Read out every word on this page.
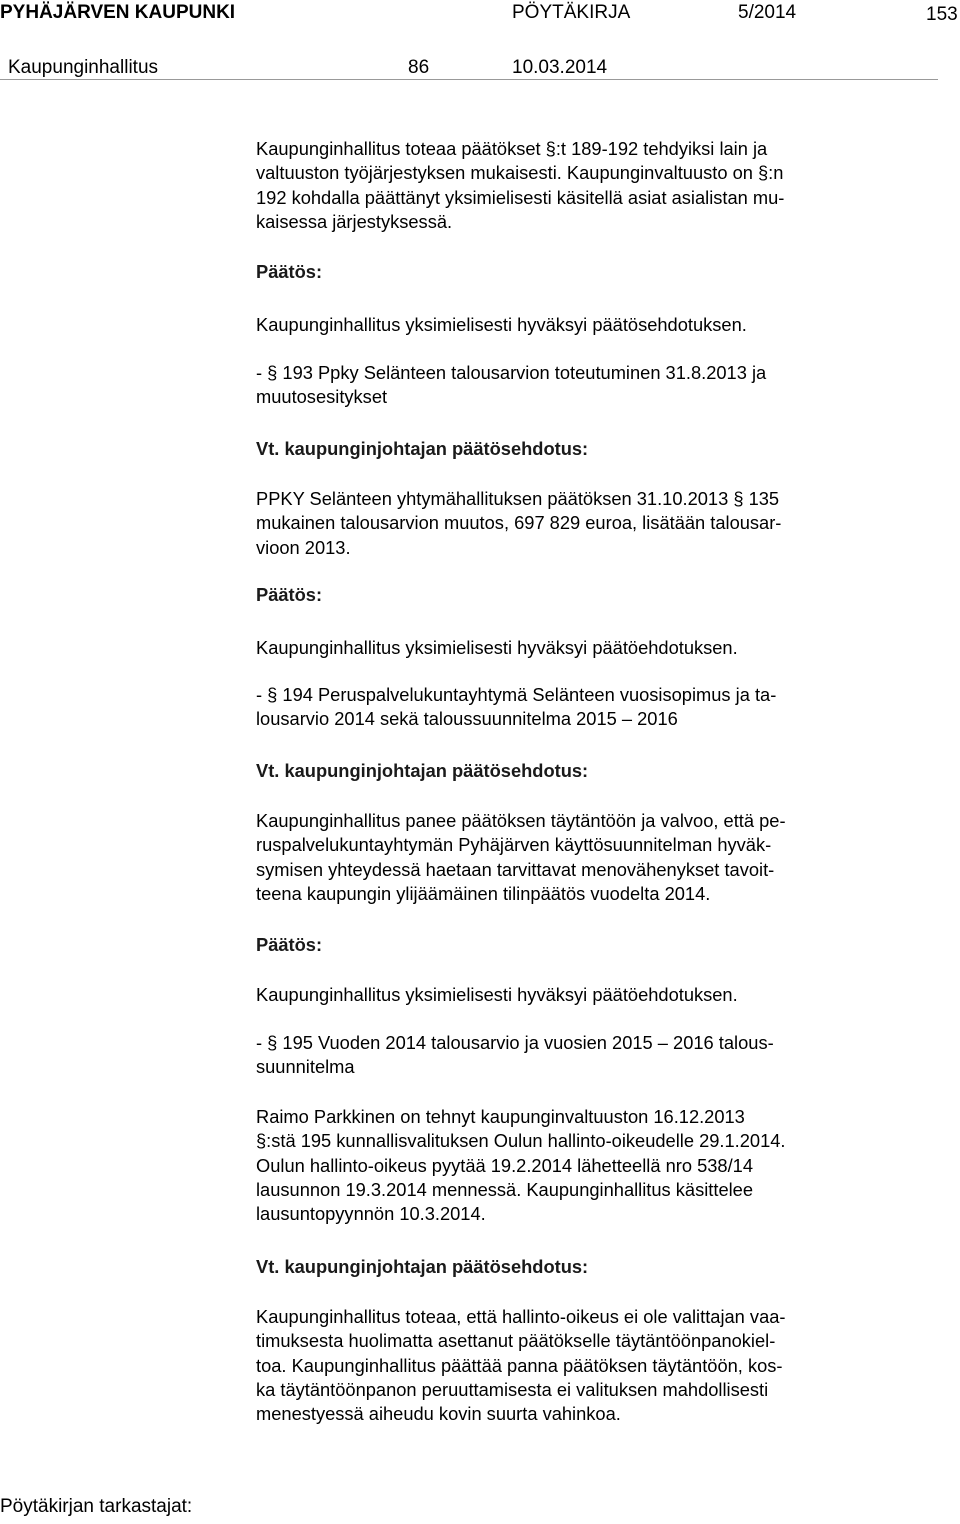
PYHÄJÄRVEN KAUPUNKI	PÖYTÄKIRJA	5/2014	153
Kaupunginhallitus	86	10.03.2014
Kaupunginhallitus toteaa päätökset §:t 189-192 tehdyiksi lain ja
valtuuston työjärjestyksen mukaisesti. Kaupunginvaltuusto on §:n
192 kohdalla päättänyt yksimielisesti käsitellä asiat asialistan mu-
kaisessa järjestyksessä.
Päätös:
Kaupunginhallitus yksimielisesti hyväksyi päätösehdotuksen.
- § 193 Ppky Selänteen talousarvion toteutuminen 31.8.2013 ja
muutosesitykset
Vt. kaupunginjohtajan päätösehdotus:
PPKY Selänteen yhtymähallituksen päätöksen 31.10.2013 § 135
mukainen talousarvion muutos, 697 829 euroa, lisätään talousar-
vioon 2013.
Päätös:
Kaupunginhallitus yksimielisesti hyväksyi päätöehdotuksen.
- § 194 Peruspalvelukuntayhtymä Selänteen vuosisopimus ja ta-
lousarvio 2014 sekä taloussuunnitelma 2015 – 2016
Vt. kaupunginjohtajan päätösehdotus:
Kaupunginhallitus panee päätöksen täytäntöön ja valvoo, että pe-
ruspalvelukuntayhtymän Pyhäjärven käyttösuunnitelman hyväk-
symisen yhteydessä haetaan tarvittavat menovähenykset tavoit-
teena kaupungin ylijäämäinen tilinpäätös vuodelta 2014.
Päätös:
Kaupunginhallitus yksimielisesti hyväksyi päätöehdotuksen.
- § 195 Vuoden 2014 talousarvio ja vuosien 2015 – 2016 talous-
suunnitelma
Raimo Parkkinen on tehnyt kaupunginvaltuuston 16.12.2013
§:stä 195 kunnallisvalituksen Oulun hallinto-oikeudelle 29.1.2014.
Oulun hallinto-oikeus pyytää 19.2.2014 lähetteellä nro 538/14
lausunnon 19.3.2014 mennessä. Kaupunginhallitus käsittelee
lausuntopyynnön 10.3.2014.
Vt. kaupunginjohtajan päätösehdotus:
Kaupunginhallitus toteaa, että hallinto-oikeus ei ole valittajan vaa-
timuksesta huolimatta asettanut päätökselle täytäntöönpanokiel-
toa. Kaupunginhallitus päättää panna päätöksen täytäntöön, kos-
ka täytäntöönpanon peruuttamisesta ei valituksen mahdollisesti
menestyessä aiheudu kovin suurta vahinkoa.
Pöytäkirjan tarkastajat:
